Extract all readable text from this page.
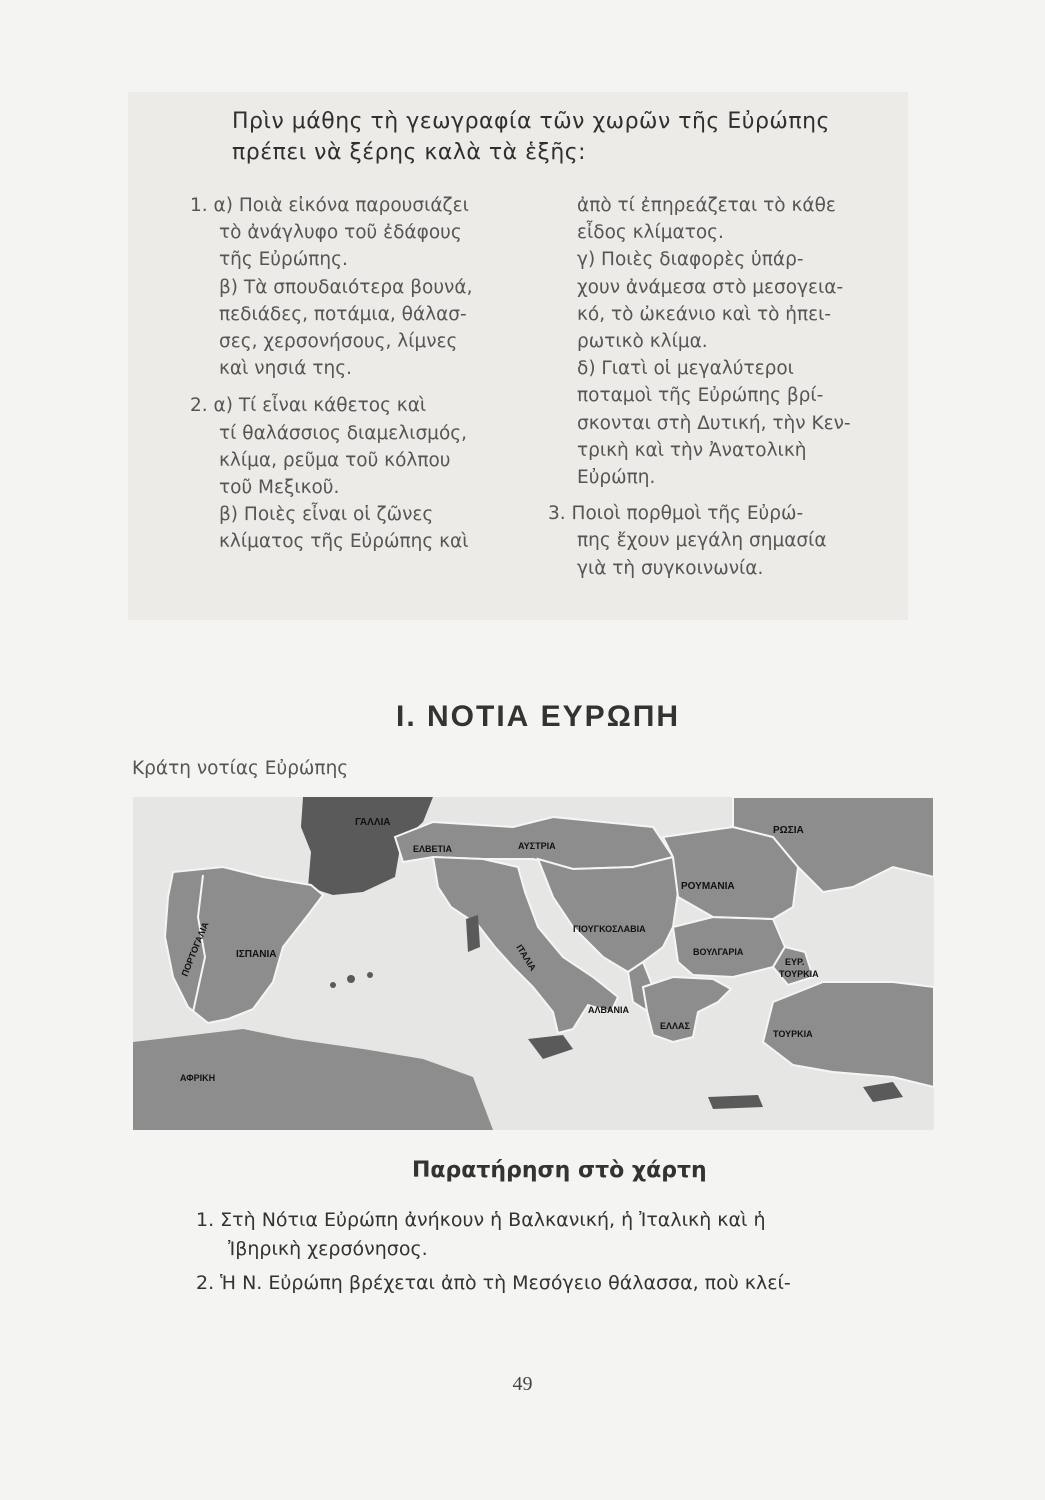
Πρὶν μάθης τὴ γεωγραφία τῶν χωρῶν τῆς Εὐρώπης
πρέπει νὰ ξέρης καλὰ τὰ ἑξῆς:
1. α) Ποιὰ εἰκόνα παρουσιάζει
τὸ ἀνάγλυφο τοῦ ἐδάφους
τῆς Εὐρώπης.
β) Τὰ σπουδαιότερα βουνά,
πεδιάδες, ποτάμια, θάλασ-
σες, χερσονήσους, λίμνες
καὶ νησιά της.
2. α) Τί εἶναι κάθετος καὶ
τί θαλάσσιος διαμελισμός,
κλίμα, ρεῦμα τοῦ κόλπου
τοῦ Μεξικοῦ.
β) Ποιὲς εἶναι οἱ ζῶνες
κλίματος τῆς Εὐρώπης καὶ
ἀπὸ τί ἐπηρεάζεται τὸ κάθε
εἶδος κλίματος.
γ) Ποιὲς διαφορὲς ὑπάρ-
χουν ἀνάμεσα στὸ μεσογεια-
κό, τὸ ὠκεάνιο καὶ τὸ ἠπει-
ρωτικὸ κλίμα.
δ) Γιατὶ οἱ μεγαλύτεροι
ποταμοὶ τῆς Εὐρώπης βρί-
σκονται στὴ Δυτική, τὴν Κεν-
τρικὴ καὶ τὴν Ἀνατολικὴ
Εὐρώπη.
3. Ποιοὶ πορθμοὶ τῆς Εὐρώ-
πης ἔχουν μεγάλη σημασία
γιὰ τὴ συγκοινωνία.
I. ΝΟΤΙΑ ΕΥΡΩΠΗ
Κράτη νοτίας Εὐρώπης
ΓΑΛΛΙΑ
ΕΛΒΕΤΙΑ	ΑΥΣΤΡΙΑ
ΡΩΣΙΑ
ΡΟΥΜΑΝΙΑ
ΓΙΟΥΓΚΟΣΛΑΒΙΑ
ΒΟΥΛΓΑΡΙΑ
ΕΥΡ.
ΤΟΥΡΚΙΑ
ΤΟΥΡΚΙΑ
ΠΟΡΤΟΓΑΛΙΑ	ΙΣΠΑΝΙΑ	ΙΤΑΛΙΑ
ΑΛΒΑΝΙΑ
ΕΛΛΑΣ
ΑΦΡΙΚΗ
Παρατήρηση στὸ χάρτη
1. Στὴ Νότια Εὐρώπη ἀνήκουν ἡ Βαλκανική, ἡ Ἰταλικὴ καὶ ἡ
Ἰβηρικὴ χερσόνησος.
2. Ἡ Ν. Εὐρώπη βρέχεται ἀπὸ τὴ Μεσόγειο θάλασσα, ποὺ κλεί-
49
